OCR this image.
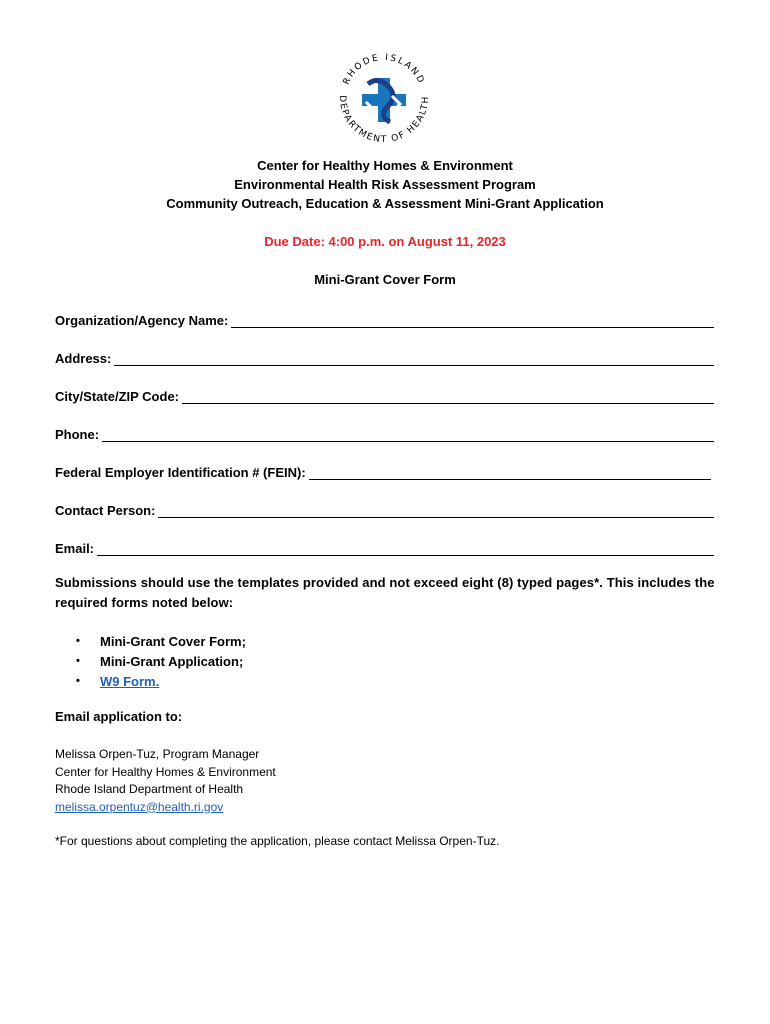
RHODE ISLAND
DEPARTMENT OF HEALTH
Center for Healthy Homes & Environment
Environmental Health Risk Assessment Program
Community Outreach, Education & Assessment Mini-Grant Application
Due Date: 4:00 p.m. on August 11, 2023
Mini-Grant Cover Form
Organization/Agency Name:
Address:
City/State/ZIP Code:
Phone:
Federal Employer Identification # (FEIN):
Contact Person:
Email:
Submissions should use the templates provided and not exceed eight (8) typed pages*. This includes the required forms noted below:
•	Mini-Grant Cover Form;
•	Mini-Grant Application;
•	W9 Form.
Email application to:
Melissa Orpen-Tuz, Program Manager
Center for Healthy Homes & Environment
Rhode Island Department of Health
melissa.orpentuz@health.ri.gov
*For questions about completing the application, please contact Melissa Orpen-Tuz.
